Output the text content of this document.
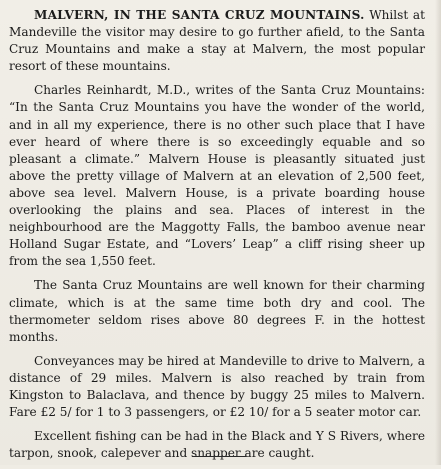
MALVERN, IN THE SANTA CRUZ MOUNTAINS. Whilst at Mandeville the visitor may desire to go further afield, to the Santa Cruz Mountains and make a stay at Malvern, the most popular resort of these mountains.

Charles Reinhardt, M.D., writes of the Santa Cruz Mountains: “In the Santa Cruz Mountains you have the wonder of the world, and in all my experience, there is no other such place that I have ever heard of where there is so exceedingly equable and so pleasant a climate.” Malvern House is pleasantly situated just above the pretty village of Malvern at an elevation of 2,500 feet, above sea level. Malvern House, is a private boarding house overlooking the plains and sea. Places of interest in the neighbourhood are the Maggotty Falls, the bamboo avenue near Holland Sugar Estate, and “Lovers’ Leap” a cliff rising sheer up from the sea 1,550 feet.

The Santa Cruz Mountains are well known for their charming climate, which is at the same time both dry and cool. The thermometer seldom rises above 80 degrees F. in the hottest months.

Conveyances may be hired at Mandeville to drive to Malvern, a distance of 29 miles. Malvern is also reached by train from Kingston to Balaclava, and thence by buggy 25 miles to Malvern. Fare £2 5/ for 1 to 3 passengers, or £2 10/ for a 5 seater motor car.

Excellent fishing can be had in the Black and Y S Rivers, where tarpon, snook, calepever and snapper are caught.
